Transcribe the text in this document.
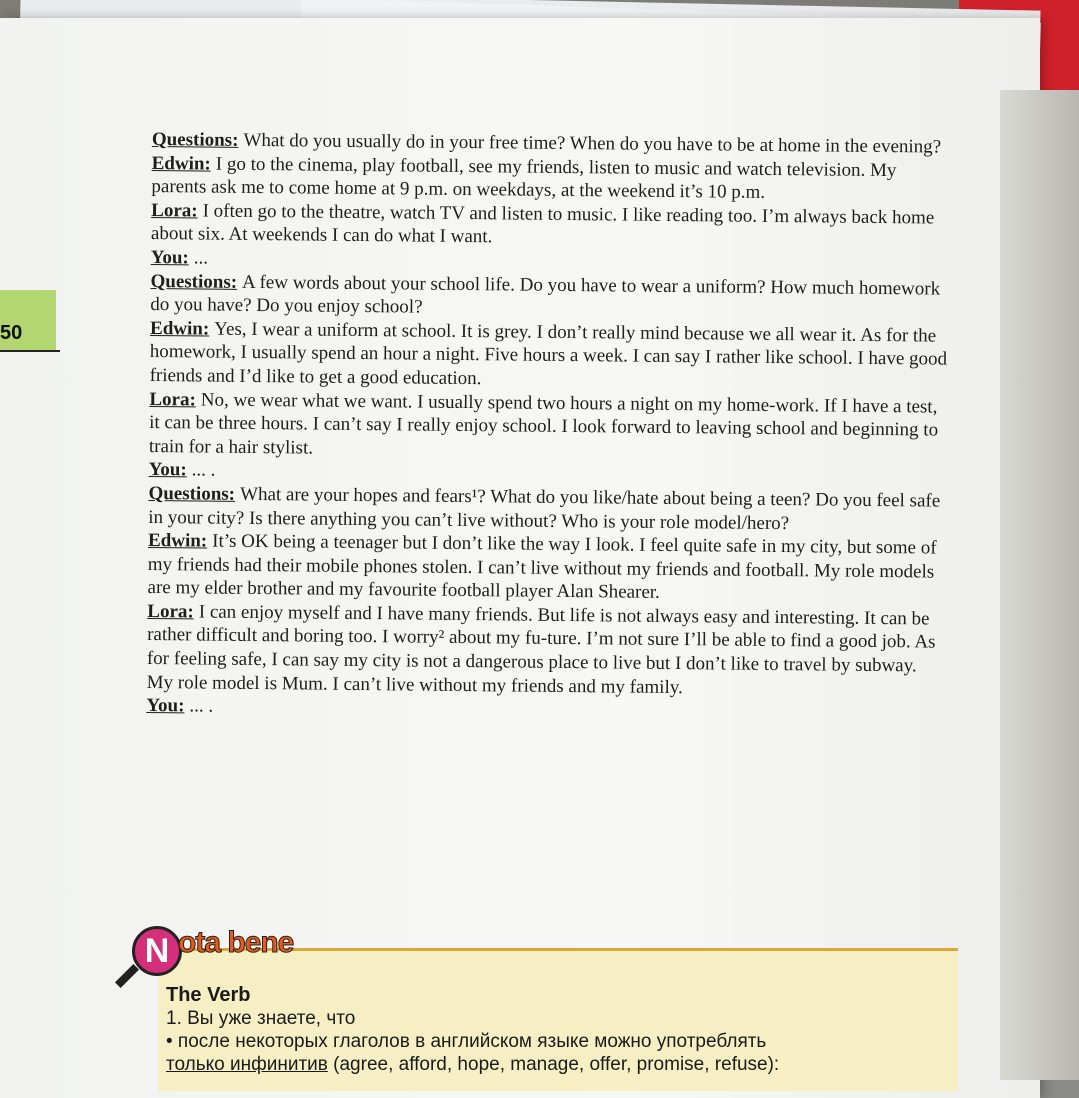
50

Questions: What do you usually do in your free time? When do you have to be at home in the evening?

Edwin: I go to the cinema, play football, see my friends, listen to music and watch television. My parents ask me to come home at 9 p.m. on weekdays, at the weekend it’s 10 p.m.

Lora: I often go to the theatre, watch TV and listen to music. I like reading too. I’m always back home about six. At weekends I can do what I want.

You: ...

Questions: A few words about your school life. Do you have to wear a uniform? How much homework do you have? Do you enjoy school?

Edwin: Yes, I wear a uniform at school. It is grey. I don’t really mind because we all wear it. As for the homework, I usually spend an hour a night. Five hours a week. I can say I rather like school. I have good friends and I’d like to get a good education.

Lora: No, we wear what we want. I usually spend two hours a night on my home-work. If I have a test, it can be three hours. I can’t say I really enjoy school. I look forward to leaving school and beginning to train for a hair stylist.

You: ... .

Questions: What are your hopes and fears¹? What do you like/hate about being a teen? Do you feel safe in your city? Is there anything you can’t live without? Who is your role model/hero?

Edwin: It’s OK being a teenager but I don’t like the way I look. I feel quite safe in my city, but some of my friends had their mobile phones stolen. I can’t live without my friends and football. My role models are my elder brother and my favourite football player Alan Shearer.

Lora: I can enjoy myself and I have many friends. But life is not always easy and interesting. It can be rather difficult and boring too. I worry² about my fu-ture. I’m not sure I’ll be able to find a good job. As for feeling safe, I can say my city is not a dangerous place to live but I don’t like to travel by subway. My role model is Mum. I can’t live without my friends and my family.

You: ... .

N ota bene
The Verb
1. Вы уже знаете, что
• после некоторых глаголов в английском языке можно употреблять
только инфинитив (agree, afford, hope, manage, offer, promise, refuse):
